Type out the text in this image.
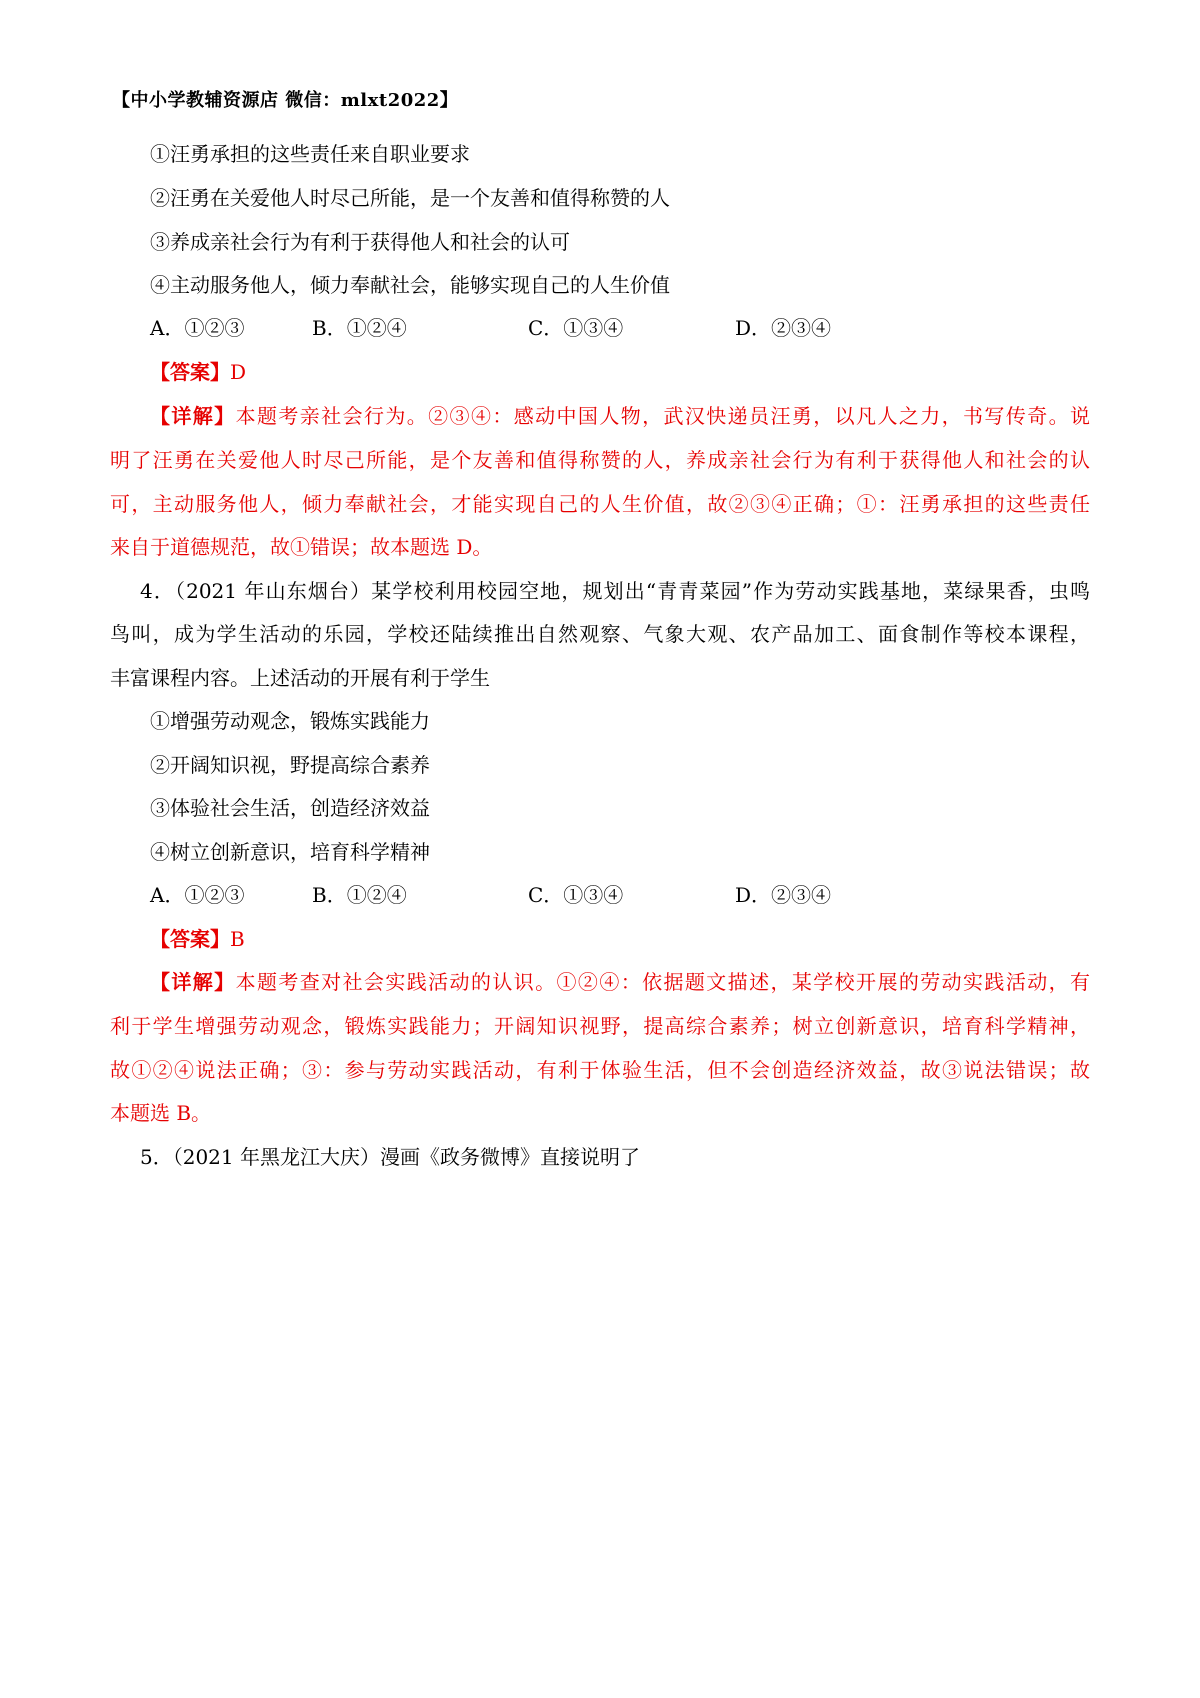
【中小学教辅资源店 微信：mlxt2022】
①汪勇承担的这些责任来自职业要求
②汪勇在关爱他人时尽己所能，是一个友善和值得称赞的人
③养成亲社会行为有利于获得他人和社会的认可
④主动服务他人，倾力奉献社会，能够实现自己的人生价值
A．①②③	B．①②④	C．①③④	D．②③④
【答案】D
【详解】本题考亲社会行为。②③④：感动中国人物，武汉快递员汪勇，以凡人之力，书写传奇。说
明了汪勇在关爱他人时尽己所能，是个友善和值得称赞的人，养成亲社会行为有利于获得他人和社会的认
可，主动服务他人，倾力奉献社会，才能实现自己的人生价值，故②③④正确；①：汪勇承担的这些责任
来自于道德规范，故①错误；故本题选 D。
4．（2021 年山东烟台）某学校利用校园空地，规划出“青青菜园”作为劳动实践基地，菜绿果香，虫鸣
鸟叫，成为学生活动的乐园，学校还陆续推出自然观察、气象大观、农产品加工、面食制作等校本课程，
丰富课程内容。上述活动的开展有利于学生
①增强劳动观念，锻炼实践能力
②开阔知识视，野提高综合素养
③体验社会生活，创造经济效益
④树立创新意识，培育科学精神
A．①②③	B．①②④	C．①③④	D．②③④
【答案】B
【详解】本题考查对社会实践活动的认识。①②④：依据题文描述，某学校开展的劳动实践活动，有
利于学生增强劳动观念，锻炼实践能力；开阔知识视野，提高综合素养；树立创新意识，培育科学精神，
故①②④说法正确；③：参与劳动实践活动，有利于体验生活，但不会创造经济效益，故③说法错误；故
本题选 B。
5．（2021 年黑龙江大庆）漫画《政务微博》直接说明了
